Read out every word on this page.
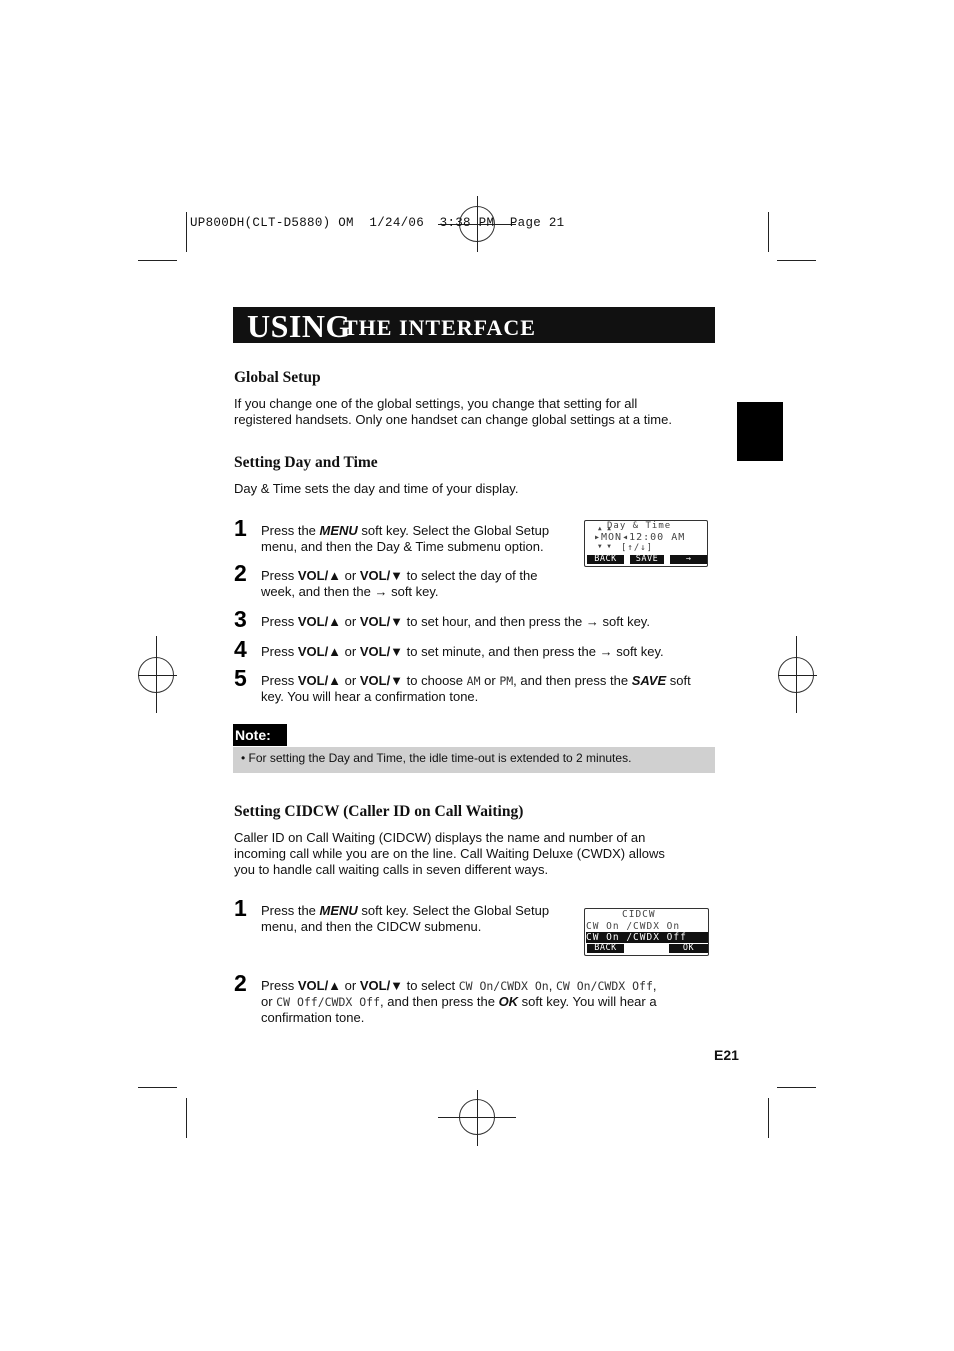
UP800DH(CLT-D5880) OM  1/24/06  3:38 PM  Page 21
USING
THE INTERFACE
Global Setup
If you change one of the global settings, you change that setting for all
registered handsets. Only one handset can change global settings at a time.
Setting Day and Time
Day & Time sets the day and time of your display.
1 Press the MENU soft key. Select the Global Setup
menu, and then the Day & Time submenu option.
2 Press VOL/▲ or VOL/▼ to select the day of the
week, and then the → soft key.
3 Press VOL/▲ or VOL/▼ to set hour, and then press the → soft key.
4 Press VOL/▲ or VOL/▼ to set minute, and then press the → soft key.
5 Press VOL/▲ or VOL/▼ to choose AM or PM, and then press the SAVE soft
key. You will hear a confirmation tone.
Day & Time
▲ ▲
▸MON◂12:00 AM
▼ ▼ [↑/↓]
BACK	SAVE	→
Note:
• For setting the Day and Time, the idle time-out is extended to 2 minutes.
Setting CIDCW (Caller ID on Call Waiting)
Caller ID on Call Waiting (CIDCW) displays the name and number of an
incoming call while you are on the line. Call Waiting Deluxe (CWDX) allows
you to handle call waiting calls in seven different ways.
1 Press the MENU soft key. Select the Global Setup
menu, and then the CIDCW submenu.
2 Press VOL/▲ or VOL/▼ to select CW On/CWDX On, CW On/CWDX Off,
or CW Off/CWDX Off, and then press the OK soft key. You will hear a
confirmation tone.
CIDCW
CW On /CWDX On
CW On /CWDX Off
BACK	OK
E21
